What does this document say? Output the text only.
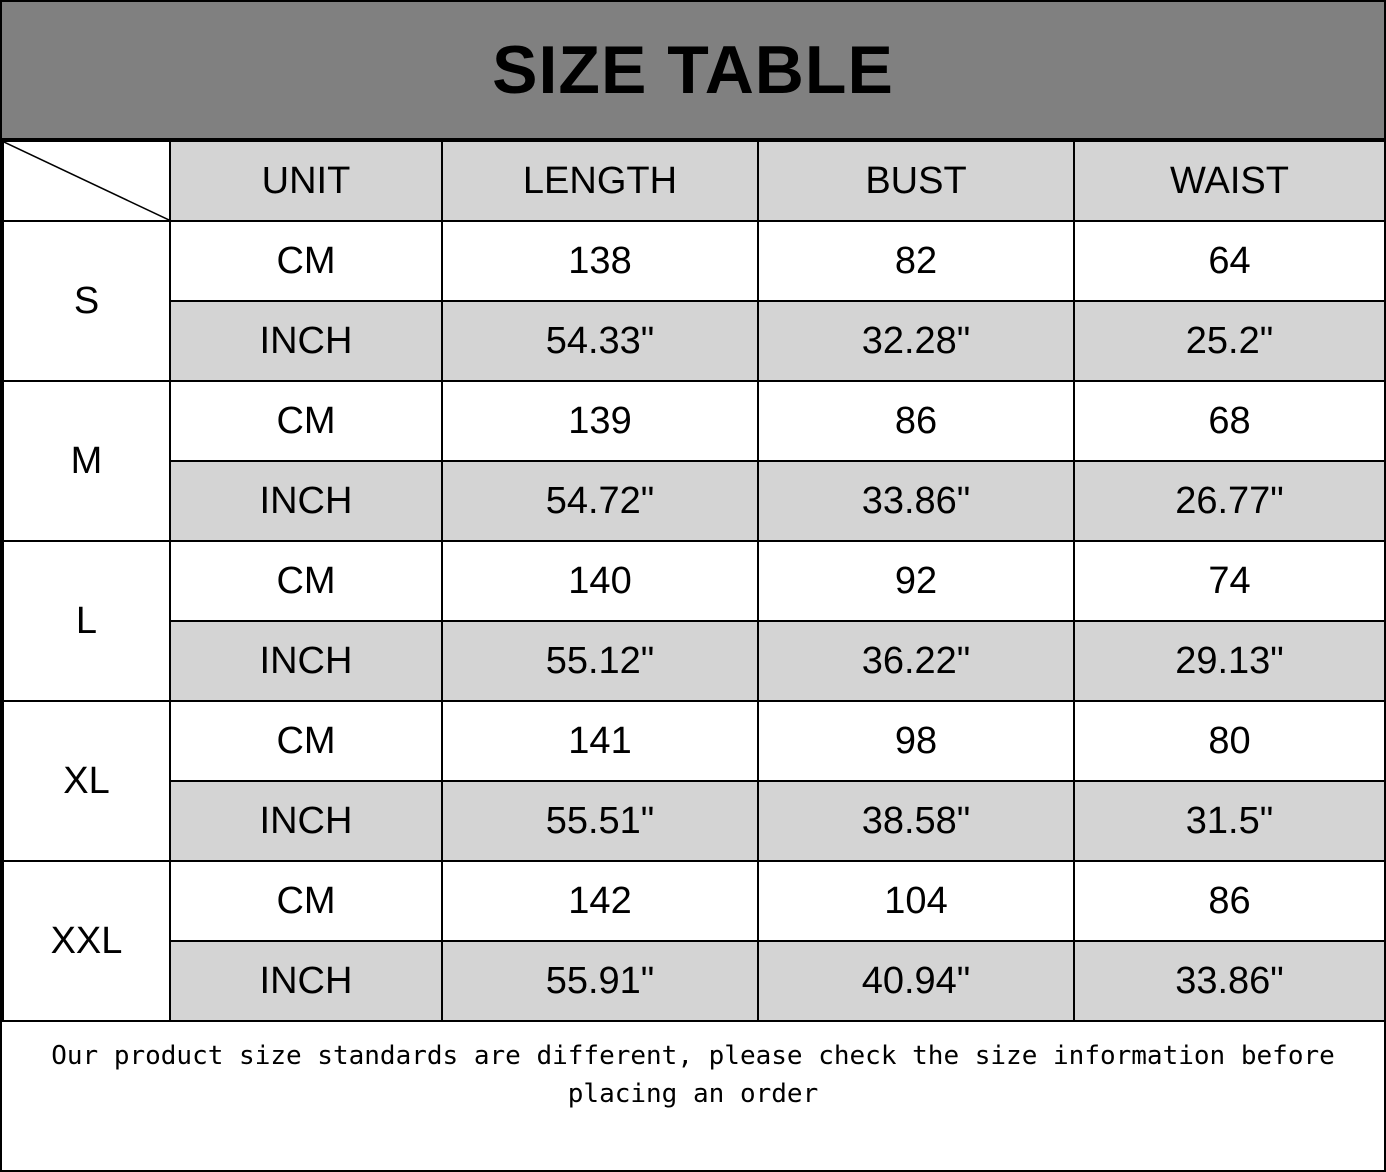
SIZE TABLE
	UNIT	LENGTH	BUST	WAIST
S	CM	138	82	64
	INCH	54.33"	32.28"	25.2"
M	CM	139	86	68
	INCH	54.72"	33.86"	26.77"
L	CM	140	92	74
	INCH	55.12"	36.22"	29.13"
XL	CM	141	98	80
	INCH	55.51"	38.58"	31.5"
XXL	CM	142	104	86
	INCH	55.91"	40.94"	33.86"
Our product size standards are different, please check the size information before placing an order
